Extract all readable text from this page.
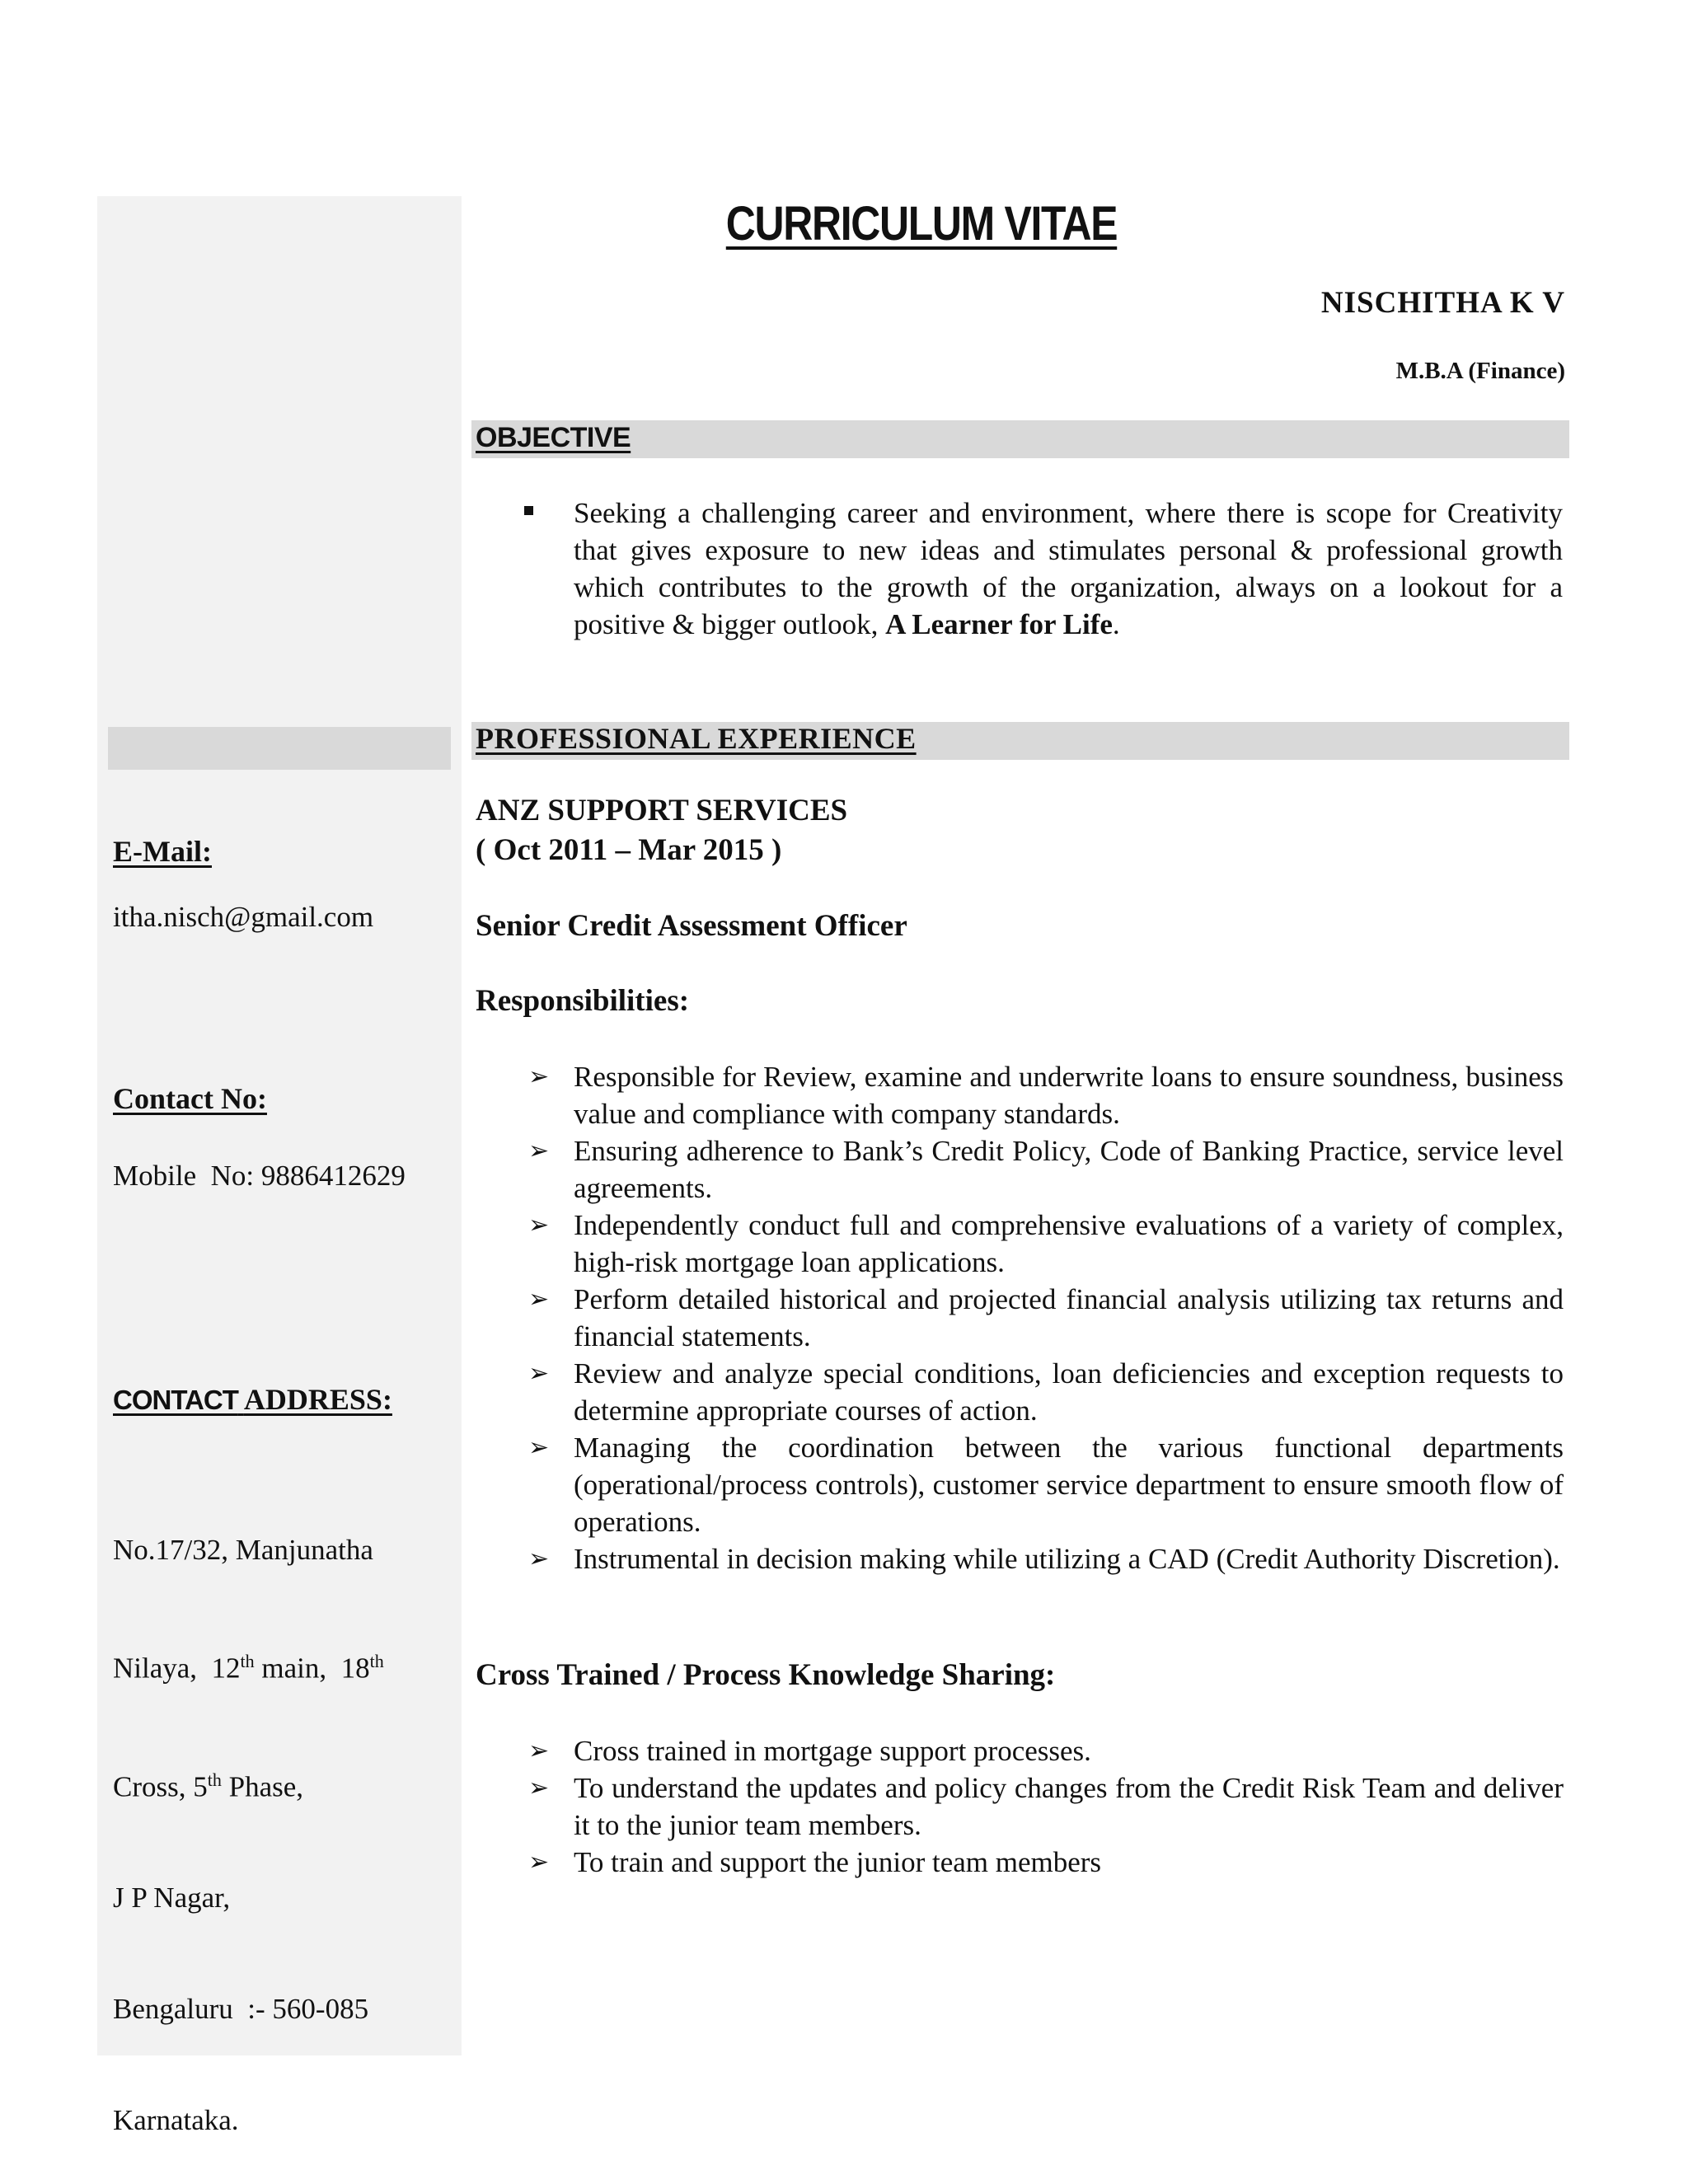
CURRICULUM VITAE
NISCHITHA K V
M.B.A (Finance)
E-Mail:
itha.nisch@gmail.com
Contact No:
Mobile  No: 9886412629
CONTACT ADDRESS:

No.17/32, Manjunatha

Nilaya,  12th main,  18th

Cross, 5th Phase,

J P Nagar,

Bengaluru  :- 560-085

Karnataka.

OBJECTIVE
Seeking a challenging career and environment, where there is scope for Creativity that gives exposure to new ideas and stimulates personal & professional growth which contributes to the growth of the organization, always on a lookout for a positive & bigger outlook, A Learner for Life.
PROFESSIONAL EXPERIENCE
ANZ SUPPORT SERVICES
( Oct 2011 – Mar 2015 )
Senior Credit Assessment Officer
Responsibilities:
➢ Responsible for Review, examine and underwrite loans to ensure soundness, business value and compliance with company standards.
➢ Ensuring adherence to Bank’s Credit Policy, Code of Banking Practice, service level agreements.
➢ Independently conduct full and comprehensive evaluations of a variety of complex, high-risk mortgage loan applications.
➢ Perform detailed historical and projected financial analysis utilizing tax returns and financial statements.
➢ Review and analyze special conditions, loan deficiencies and exception requests to determine appropriate courses of action.
➢ Managing the coordination between the various functional departments (operational/process controls), customer service department to ensure smooth flow of operations.
➢ Instrumental in decision making while utilizing a CAD (Credit Authority Discretion).
Cross Trained / Process Knowledge Sharing:
➢ Cross trained in mortgage support processes.
➢ To understand the updates and policy changes from the Credit Risk Team and deliver it to the junior team members.
➢ To train and support the junior team members
